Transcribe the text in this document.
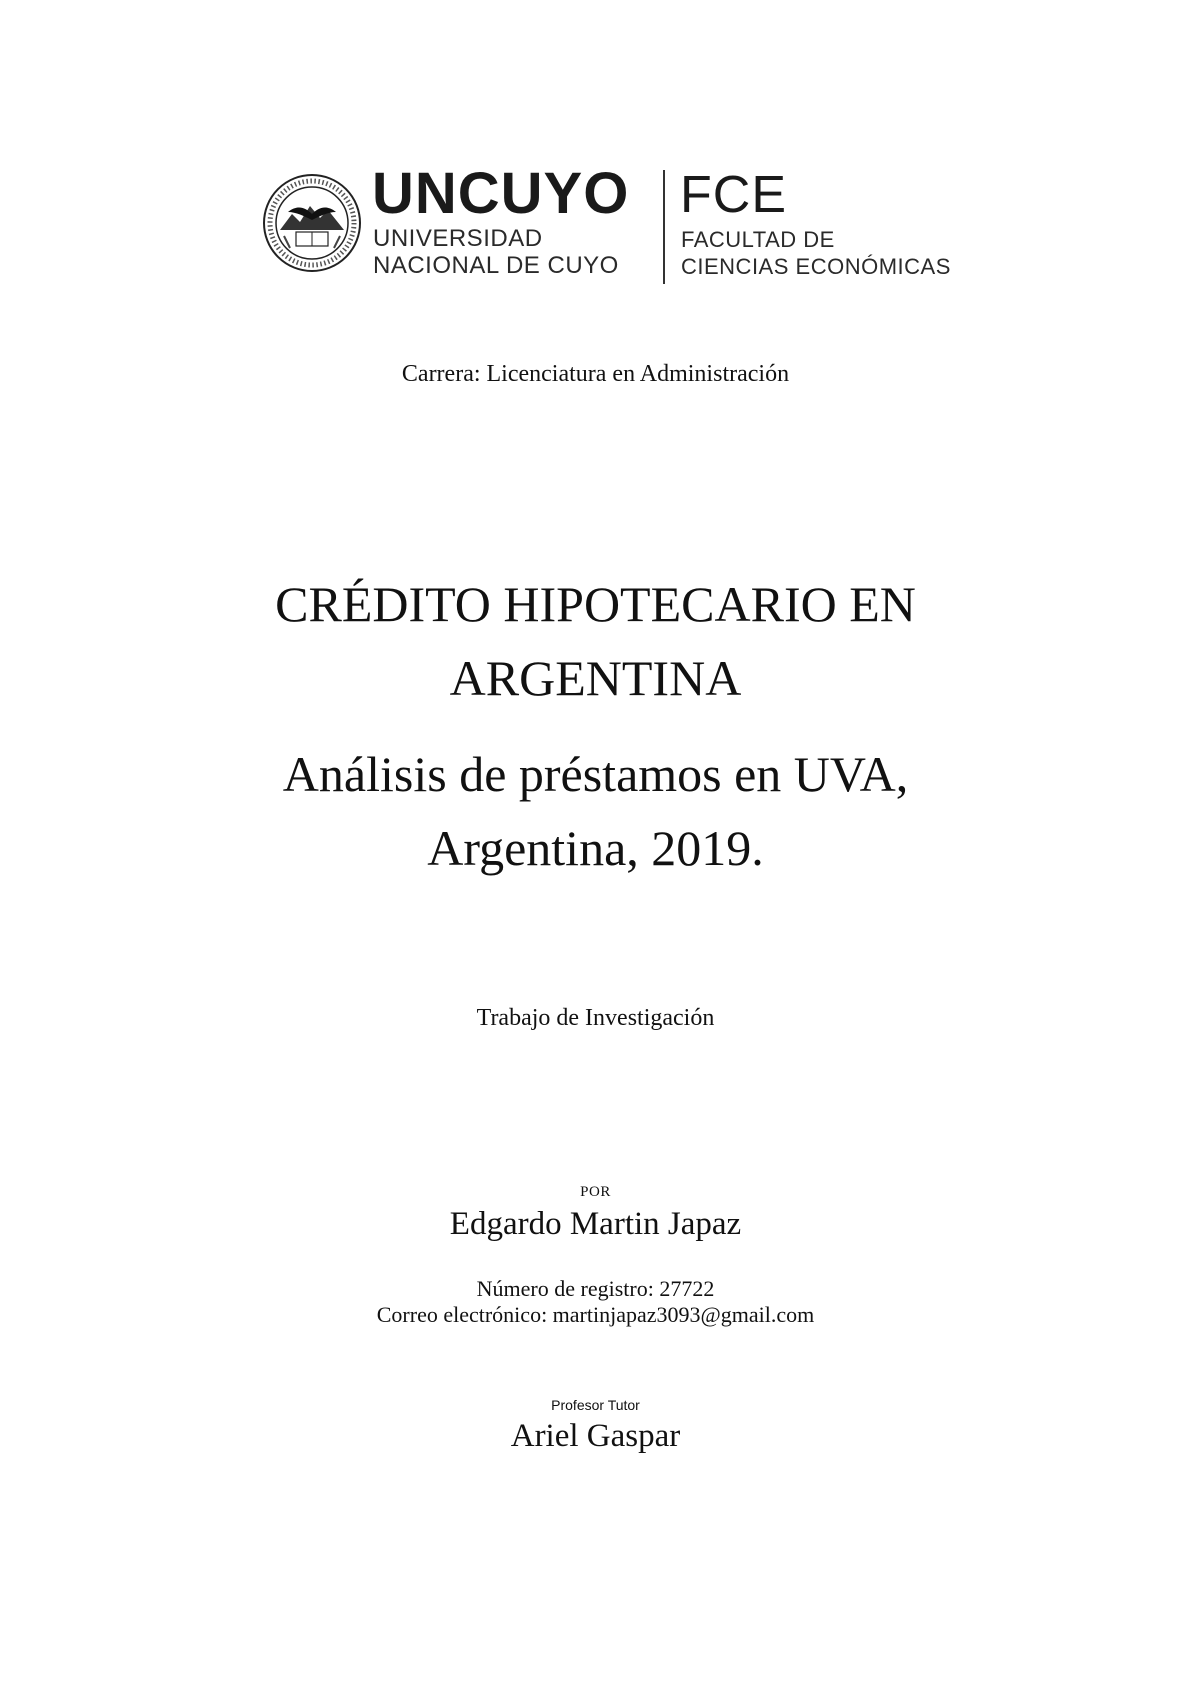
UNCUYO
UNIVERSIDAD
NACIONAL DE CUYO
FCE
FACULTAD DE
CIENCIAS ECONÓMICAS
Carrera: Licenciatura en Administración
CRÉDITO HIPOTECARIO EN
ARGENTINA
Análisis de préstamos en UVA,
Argentina, 2019.
Trabajo de Investigación
POR
Edgardo Martin Japaz
Número de registro: 27722
Correo electrónico: martinjapaz3093@gmail.com
Profesor Tutor
Ariel Gaspar
